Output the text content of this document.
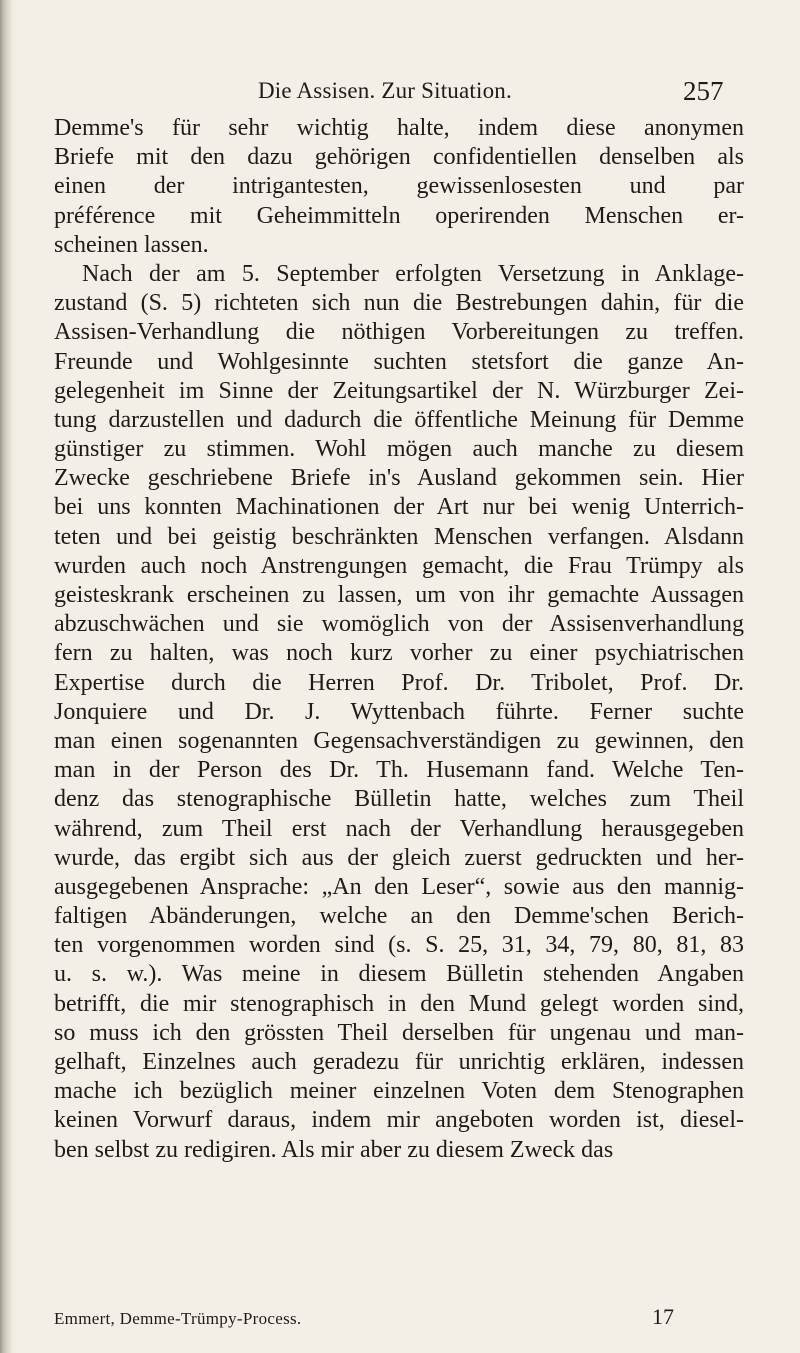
Die Assisen. Zur Situation.	257
Demme's für sehr wichtig halte, indem diese anonymen
Briefe mit den dazu gehörigen confidentiellen denselben als
einen der intrigantesten, gewissenlosesten und par
préférence mit Geheimmitteln operirenden Menschen er-
scheinen lassen.
Nach der am 5. September erfolgten Versetzung in Anklage-
zustand (S. 5) richteten sich nun die Bestrebungen dahin, für die
Assisen-Verhandlung die nöthigen Vorbereitungen zu treffen.
Freunde und Wohlgesinnte suchten stetsfort die ganze An-
gelegenheit im Sinne der Zeitungsartikel der N. Würzburger Zei-
tung darzustellen und dadurch die öffentliche Meinung für Demme
günstiger zu stimmen. Wohl mögen auch manche zu diesem
Zwecke geschriebene Briefe in's Ausland gekommen sein. Hier
bei uns konnten Machinationen der Art nur bei wenig Unterrich-
teten und bei geistig beschränkten Menschen verfangen. Alsdann
wurden auch noch Anstrengungen gemacht, die Frau Trümpy als
geisteskrank erscheinen zu lassen, um von ihr gemachte Aussagen
abzuschwächen und sie womöglich von der Assisenverhandlung
fern zu halten, was noch kurz vorher zu einer psychiatrischen
Expertise durch die Herren Prof. Dr. Tribolet, Prof. Dr.
Jonquiere und Dr. J. Wyttenbach führte. Ferner suchte
man einen sogenannten Gegensachverständigen zu gewinnen, den
man in der Person des Dr. Th. Husemann fand. Welche Ten-
denz das stenographische Bülletin hatte, welches zum Theil
während, zum Theil erst nach der Verhandlung herausgegeben
wurde, das ergibt sich aus der gleich zuerst gedruckten und her-
ausgegebenen Ansprache: „An den Leser“, sowie aus den mannig-
faltigen Abänderungen, welche an den Demme'schen Berich-
ten vorgenommen worden sind (s. S. 25, 31, 34, 79, 80, 81, 83
u. s. w.). Was meine in diesem Bülletin stehenden Angaben
betrifft, die mir stenographisch in den Mund gelegt worden sind,
so muss ich den grössten Theil derselben für ungenau und man-
gelhaft, Einzelnes auch geradezu für unrichtig erklären, indessen
mache ich bezüglich meiner einzelnen Voten dem Stenographen
keinen Vorwurf daraus, indem mir angeboten worden ist, diesel-
ben selbst zu redigiren. Als mir aber zu diesem Zweck das
Emmert, Demme-Trümpy-Process.	17
